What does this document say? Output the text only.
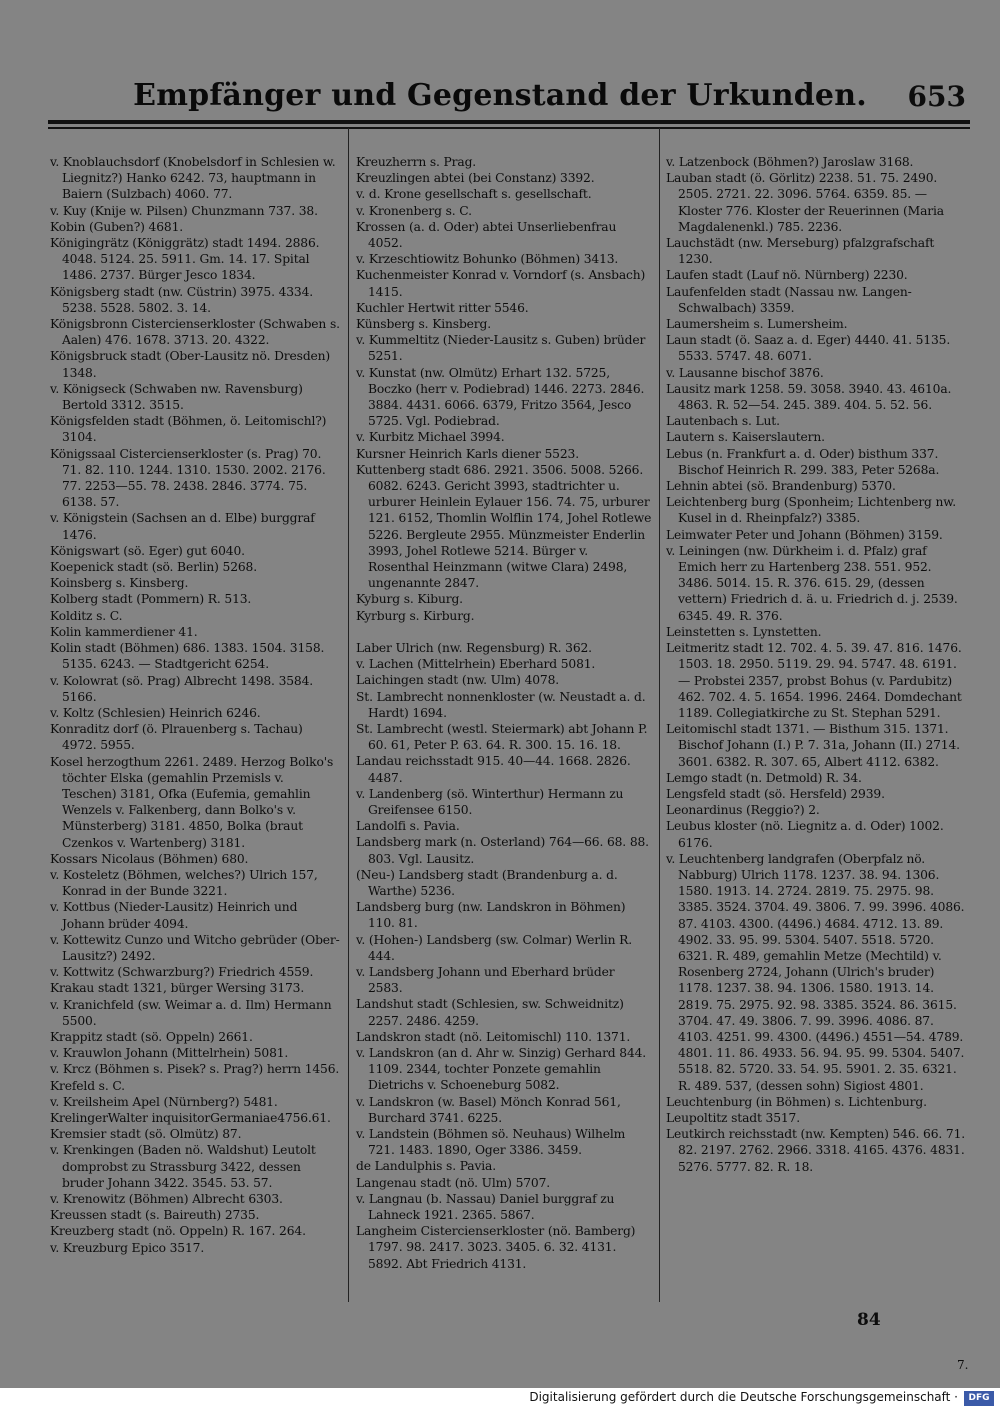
Empfänger und Gegenstand der Urkunden.	653

v. Knoblauchsdorf (Knobelsdorf in Schlesien w. Liegnitz?) Hanko 6242. 73, hauptmann in Baiern (Sulzbach) 4060. 77.

v. Kuy (Knije w. Pilsen) Chunzmann 737. 38.

Kobin (Guben?) 4681.

Königingrätz (Königgrätz) stadt 1494. 2886. 4048. 5124. 25. 5911. Gm. 14. 17. Spital 1486. 2737. Bürger Jesco 1834.

Königsberg stadt (nw. Cüstrin) 3975. 4334. 5238. 5528. 5802. 3. 14.

Königsbronn Cistercienserkloster (Schwaben s. Aalen) 476. 1678. 3713. 20. 4322.

Königsbruck stadt (Ober-Lausitz nö. Dresden) 1348.

v. Königseck (Schwaben nw. Ravensburg) Bertold 3312. 3515.

Königsfelden stadt (Böhmen, ö. Leitomischl?) 3104.

Königssaal Cistercienserkloster (s. Prag) 70. 71. 82. 110. 1244. 1310. 1530. 2002. 2176. 77. 2253—55. 78. 2438. 2846. 3774. 75. 6138. 57.

v. Königstein (Sachsen an d. Elbe) burggraf 1476.

Königswart (sö. Eger) gut 6040.

Koepenick stadt (sö. Berlin) 5268.

Koinsberg s. Kinsberg.

Kolberg stadt (Pommern) R. 513.

Kolditz s. C.

Kolin kammerdiener 41.

Kolin stadt (Böhmen) 686. 1383. 1504. 3158. 5135. 6243. — Stadtgericht 6254.

v. Kolowrat (sö. Prag) Albrecht 1498. 3584. 5166.

v. Koltz (Schlesien) Heinrich 6246.

Konraditz dorf (ö. Plrauenberg s. Tachau) 4972. 5955.

Kosel herzogthum 2261. 2489. Herzog Bolko's töchter Elska (gemahlin Przemisls v. Teschen) 3181, Ofka (Eufemia, gemahlin Wenzels v. Falkenberg, dann Bolko's v. Münsterberg) 3181. 4850, Bolka (braut Czenkos v. Wartenberg) 3181.

Kossars Nicolaus (Böhmen) 680.

v. Kosteletz (Böhmen, welches?) Ulrich 157, Konrad in der Bunde 3221.

v. Kottbus (Nieder-Lausitz) Heinrich und Johann brüder 4094.

v. Kottewitz Cunzo und Witcho gebrüder (Ober-Lausitz?) 2492.

v. Kottwitz (Schwarzburg?) Friedrich 4559.

Krakau stadt 1321, bürger Wersing 3173.

v. Kranichfeld (sw. Weimar a. d. Ilm) Hermann 5500.

Krappitz stadt (sö. Oppeln) 2661.

v. Krauwlon Johann (Mittelrhein) 5081.

v. Krcz (Böhmen s. Pisek? s. Prag?) herrn 1456.

Krefeld s. C.

v. Kreilsheim Apel (Nürnberg?) 5481.

KrelingerWalter inquisitorGermaniae4756.61.

Kremsier stadt (sö. Olmütz) 87.

v. Krenkingen (Baden nö. Waldshut) Leutolt domprobst zu Strassburg 3422, dessen bruder Johann 3422. 3545. 53. 57.

v. Krenowitz (Böhmen) Albrecht 6303.

Kreussen stadt (s. Baireuth) 2735.

Kreuzberg stadt (nö. Oppeln) R. 167. 264.

v. Kreuzburg Epico 3517.

Kreuzherrn s. Prag.

Kreuzlingen abtei (bei Constanz) 3392.

v. d. Krone gesellschaft s. gesellschaft.

v. Kronenberg s. C.

Krossen (a. d. Oder) abtei Unserliebenfrau 4052.

v. Krzeschtiowitz Bohunko (Böhmen) 3413.

Kuchenmeister Konrad v. Vorndorf (s. Ansbach) 1415.

Kuchler Hertwit ritter 5546.

Künsberg s. Kinsberg.

v. Kummeltitz (Nieder-Lausitz s. Guben) brüder 5251.

v. Kunstat (nw. Olmütz) Erhart 132. 5725, Boczko (herr v. Podiebrad) 1446. 2273. 2846. 3884. 4431. 6066. 6379, Fritzo 3564, Jesco 5725. Vgl. Podiebrad.

v. Kurbitz Michael 3994.

Kursner Heinrich Karls diener 5523.

Kuttenberg stadt 686. 2921. 3506. 5008. 5266. 6082. 6243. Gericht 3993, stadtrichter u. urburer Heinlein Eylauer 156. 74. 75, urburer 121. 6152, Thomlin Wolflin 174, Johel Rotlewe 5226. Bergleute 2955. Münzmeister Enderlin 3993, Johel Rotlewe 5214. Bürger v. Rosenthal Heinzmann (witwe Clara) 2498, ungenannte 2847.

Kyburg s. Kiburg.

Kyrburg s. Kirburg.

Laber Ulrich (nw. Regensburg) R. 362.

v. Lachen (Mittelrhein) Eberhard 5081.

Laichingen stadt (nw. Ulm) 4078.

St. Lambrecht nonnenkloster (w. Neustadt a. d. Hardt) 1694.

St. Lambrecht (westl. Steiermark) abt Johann P. 60. 61, Peter P. 63. 64. R. 300. 15. 16. 18.

Landau reichsstadt 915. 40—44. 1668. 2826. 4487.

v. Landenberg (sö. Winterthur) Hermann zu Greifensee 6150.

Landolfi s. Pavia.

Landsberg mark (n. Osterland) 764—66. 68. 88. 803. Vgl. Lausitz.

(Neu-) Landsberg stadt (Brandenburg a. d. Warthe) 5236.

Landsberg burg (nw. Landskron in Böhmen) 110. 81.

v. (Hohen-) Landsberg (sw. Colmar) Werlin R. 444.

v. Landsberg Johann und Eberhard brüder 2583.

Landshut stadt (Schlesien, sw. Schweidnitz) 2257. 2486. 4259.

Landskron stadt (nö. Leitomischl) 110. 1371.

v. Landskron (an d. Ahr w. Sinzig) Gerhard 844. 1109. 2344, tochter Ponzete gemahlin Dietrichs v. Schoeneburg 5082.

v. Landskron (w. Basel) Mönch Konrad 561, Burchard 3741. 6225.

v. Landstein (Böhmen sö. Neuhaus) Wilhelm 721. 1483. 1890, Oger 3386. 3459.

de Landulphis s. Pavia.

Langenau stadt (nö. Ulm) 5707.

v. Langnau (b. Nassau) Daniel burggraf zu Lahneck 1921. 2365. 5867.

Langheim Cistercienserkloster (nö. Bamberg) 1797. 98. 2417. 3023. 3405. 6. 32. 4131. 5892. Abt Friedrich 4131.

v. Latzenbock (Böhmen?) Jaroslaw 3168.

Lauban stadt (ö. Görlitz) 2238. 51. 75. 2490. 2505. 2721. 22. 3096. 5764. 6359. 85. — Kloster 776. Kloster der Reuerinnen (Maria Magdalenenkl.) 785. 2236.

Lauchstädt (nw. Merseburg) pfalzgrafschaft 1230.

Laufen stadt (Lauf nö. Nürnberg) 2230.

Laufenfelden stadt (Nassau nw. Langen-Schwalbach) 3359.

Laumersheim s. Lumersheim.

Laun stadt (ö. Saaz a. d. Eger) 4440. 41. 5135. 5533. 5747. 48. 6071.

v. Lausanne bischof 3876.

Lausitz mark 1258. 59. 3058. 3940. 43. 4610a. 4863. R. 52—54. 245. 389. 404. 5. 52. 56.

Lautenbach s. Lut.

Lautern s. Kaiserslautern.

Lebus (n. Frankfurt a. d. Oder) bisthum 337. Bischof Heinrich R. 299. 383, Peter 5268a.

Lehnin abtei (sö. Brandenburg) 5370.

Leichtenberg burg (Sponheim; Lichtenberg nw. Kusel in d. Rheinpfalz?) 3385.

Leimwater Peter und Johann (Böhmen) 3159.

v. Leiningen (nw. Dürkheim i. d. Pfalz) graf Emich herr zu Hartenberg 238. 551. 952. 3486. 5014. 15. R. 376. 615. 29, (dessen vettern) Friedrich d. ä. u. Friedrich d. j. 2539. 6345. 49. R. 376.

Leinstetten s. Lynstetten.

Leitmeritz stadt 12. 702. 4. 5. 39. 47. 816. 1476. 1503. 18. 2950. 5119. 29. 94. 5747. 48. 6191. — Probstei 2357, probst Bohus (v. Pardubitz) 462. 702. 4. 5. 1654. 1996. 2464. Domdechant 1189. Collegiatkirche zu St. Stephan 5291.

Leitomischl stadt 1371. — Bisthum 315. 1371. Bischof Johann (I.) P. 7. 31a, Johann (II.) 2714. 3601. 6382. R. 307. 65, Albert 4112. 6382.

Lemgo stadt (n. Detmold) R. 34.

Lengsfeld stadt (sö. Hersfeld) 2939.

Leonardinus (Reggio?) 2.

Leubus kloster (nö. Liegnitz a. d. Oder) 1002. 6176.

v. Leuchtenberg landgrafen (Oberpfalz nö. Nabburg) Ulrich 1178. 1237. 38. 94. 1306. 1580. 1913. 14. 2724. 2819. 75. 2975. 98. 3385. 3524. 3704. 49. 3806. 7. 99. 3996. 4086. 87. 4103. 4300. (4496.) 4684. 4712. 13. 89. 4902. 33. 95. 99. 5304. 5407. 5518. 5720. 6321. R. 489, gemahlin Metze (Mechtild) v. Rosenberg 2724, Johann (Ulrich's bruder) 1178. 1237. 38. 94. 1306. 1580. 1913. 14. 2819. 75. 2975. 92. 98. 3385. 3524. 86. 3615. 3704. 47. 49. 3806. 7. 99. 3996. 4086. 87. 4103. 4251. 99. 4300. (4496.) 4551—54. 4789. 4801. 11. 86. 4933. 56. 94. 95. 99. 5304. 5407. 5518. 82. 5720. 33. 54. 95. 5901. 2. 35. 6321. R. 489. 537, (dessen sohn) Sigiost 4801.

Leuchtenburg (in Böhmen) s. Lichtenburg.

Leupoltitz stadt 3517.

Leutkirch reichsstadt (nw. Kempten) 546. 66. 71. 82. 2197. 2762. 2966. 3318. 4165. 4376. 4831. 5276. 5777. 82. R. 18.

84
7.
Digitalisierung gefördert durch die Deutsche Forschungsgemeinschaft ·	DFG
